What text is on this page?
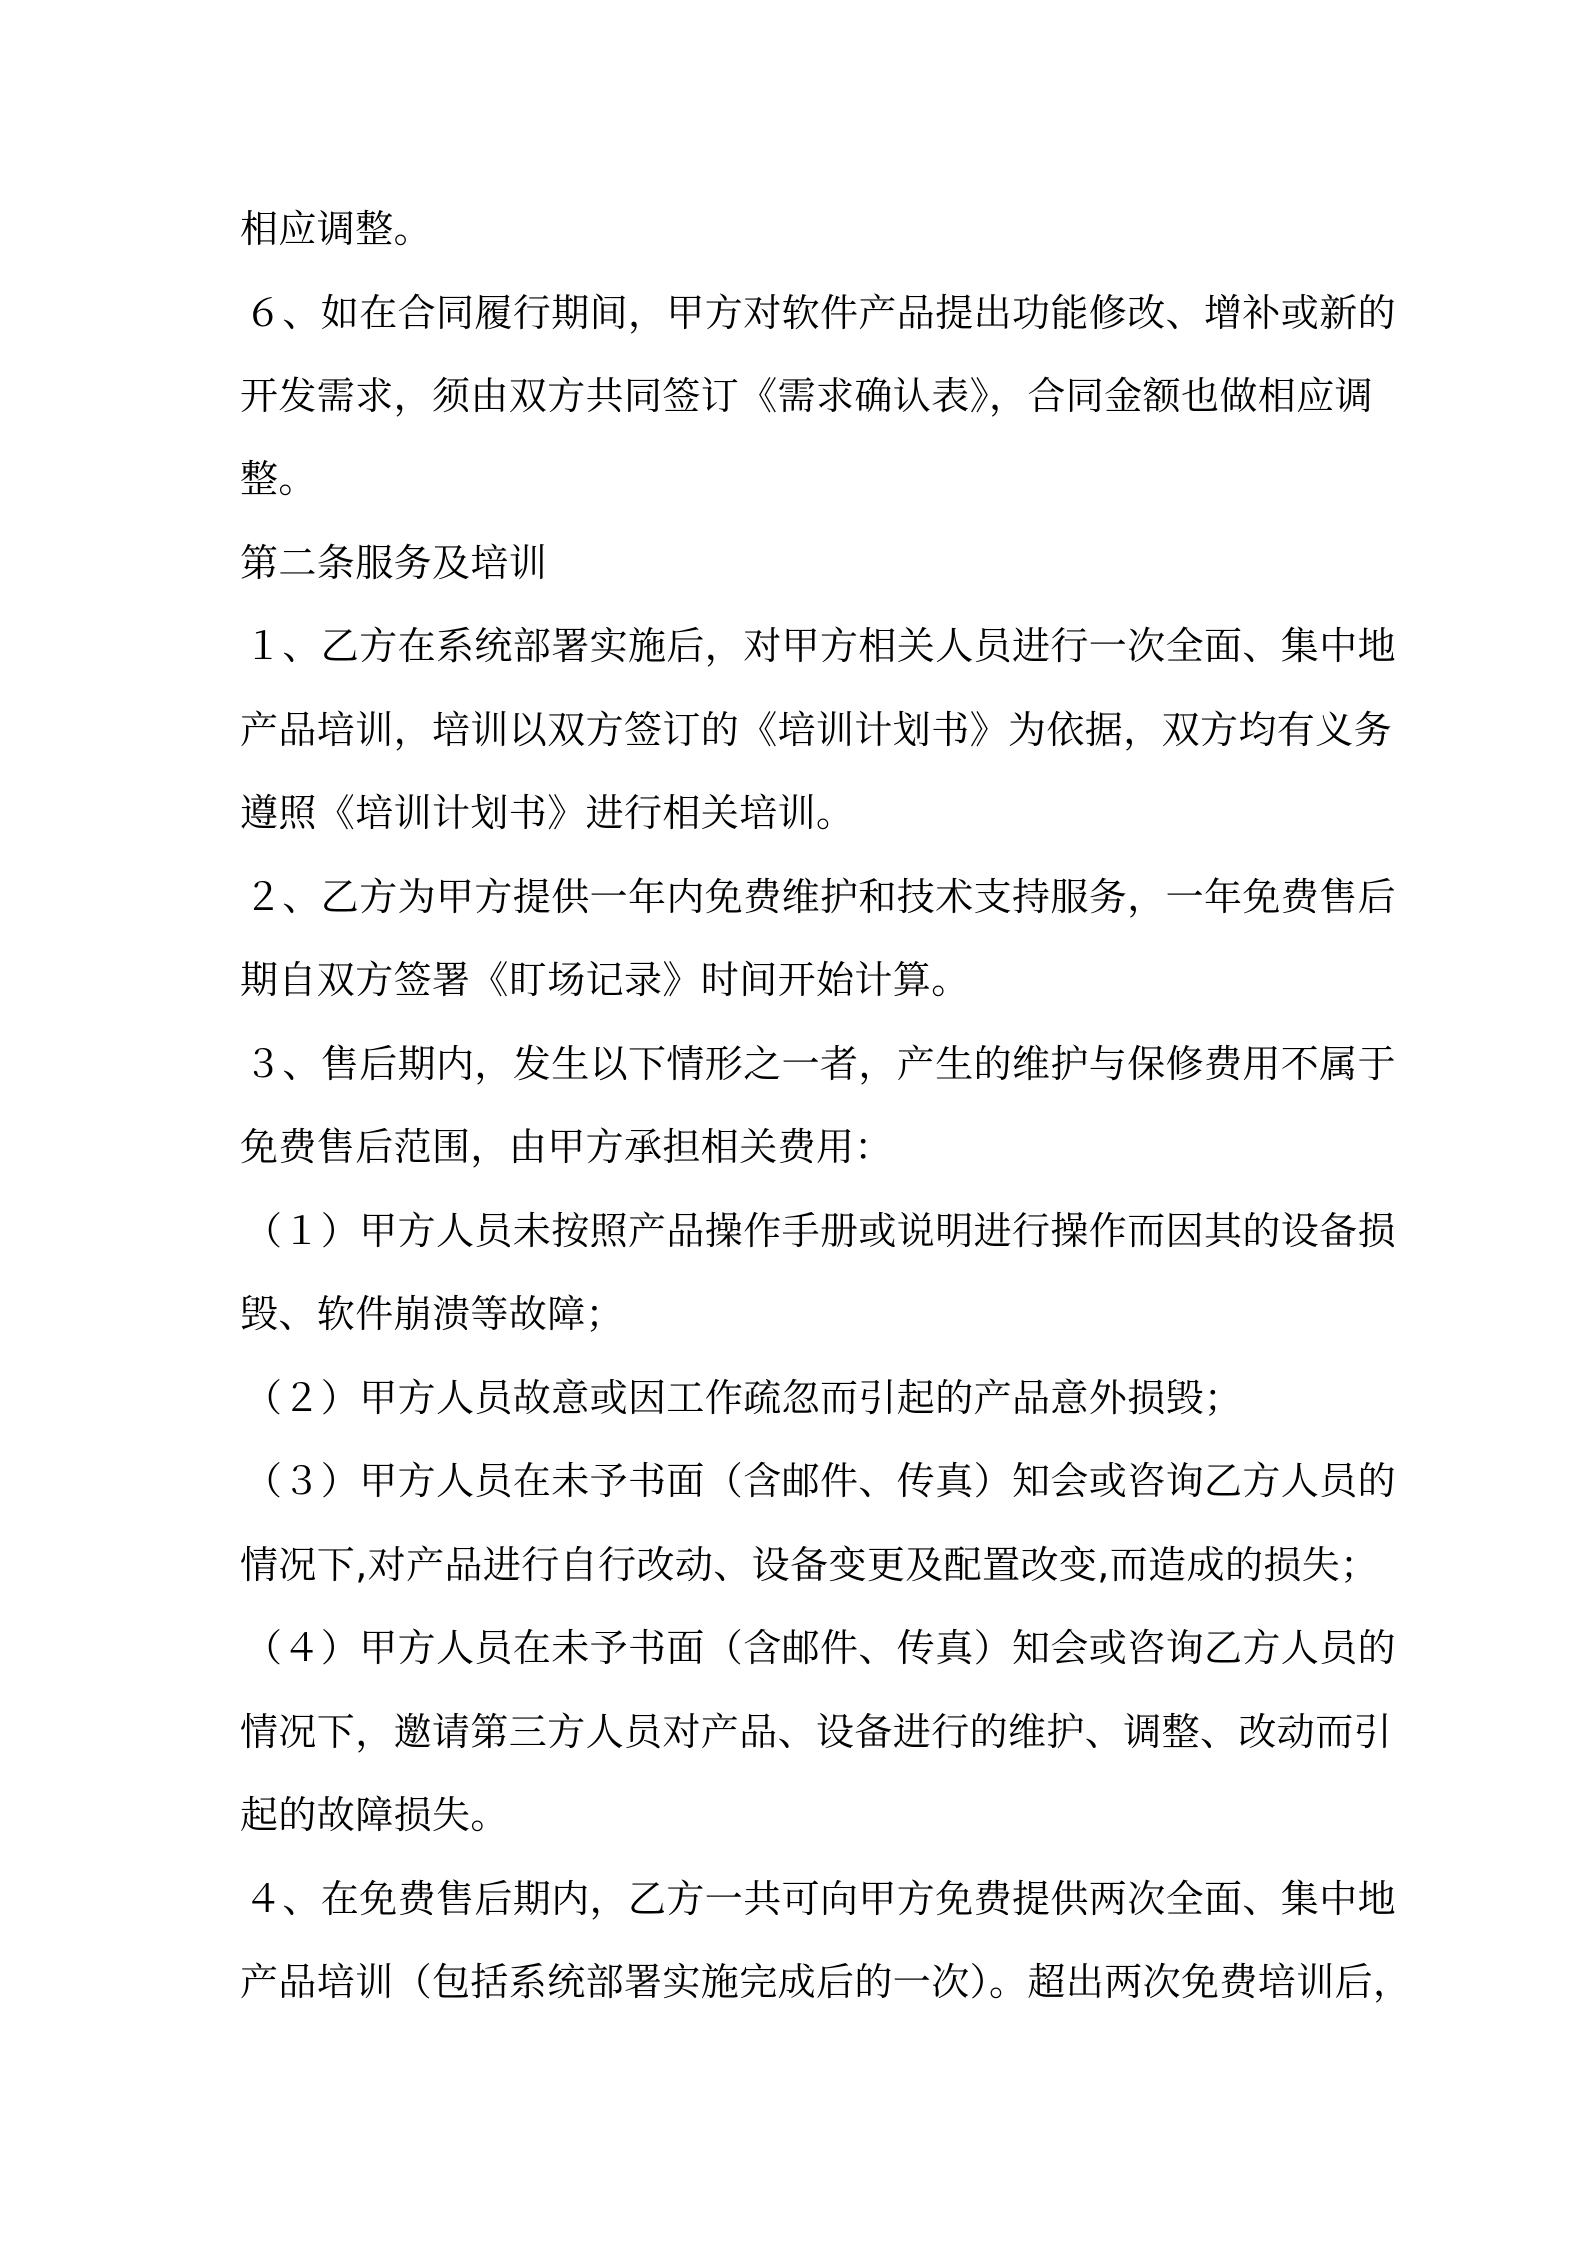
相应调整。
６、如在合同履行期间，甲方对软件产品提出功能修改、增补或新的
开发需求，须由双方共同签订《需求确认表》，合同金额也做相应调
整。
第二条服务及培训
１、乙方在系统部署实施后，对甲方相关人员进行一次全面、集中地
产品培训，培训以双方签订的《培训计划书》为依据，双方均有义务
遵照《培训计划书》进行相关培训。
２、乙方为甲方提供一年内免费维护和技术支持服务，一年免费售后
期自双方签署《盯场记录》时间开始计算。
３、售后期内，发生以下情形之一者，产生的维护与保修费用不属于
免费售后范围，由甲方承担相关费用：
（１）甲方人员未按照产品操作手册或说明进行操作而因其的设备损
毁、软件崩溃等故障；
（２）甲方人员故意或因工作疏忽而引起的产品意外损毁；
（３）甲方人员在未予书面（含邮件、传真）知会或咨询乙方人员的
情况下,对产品进行自行改动、设备变更及配置改变,而造成的损失；
（４）甲方人员在未予书面（含邮件、传真）知会或咨询乙方人员的
情况下，邀请第三方人员对产品、设备进行的维护、调整、改动而引
起的故障损失。
４、在免费售后期内，乙方一共可向甲方免费提供两次全面、集中地
产品培训（包括系统部署实施完成后的一次）。超出两次免费培训后，
